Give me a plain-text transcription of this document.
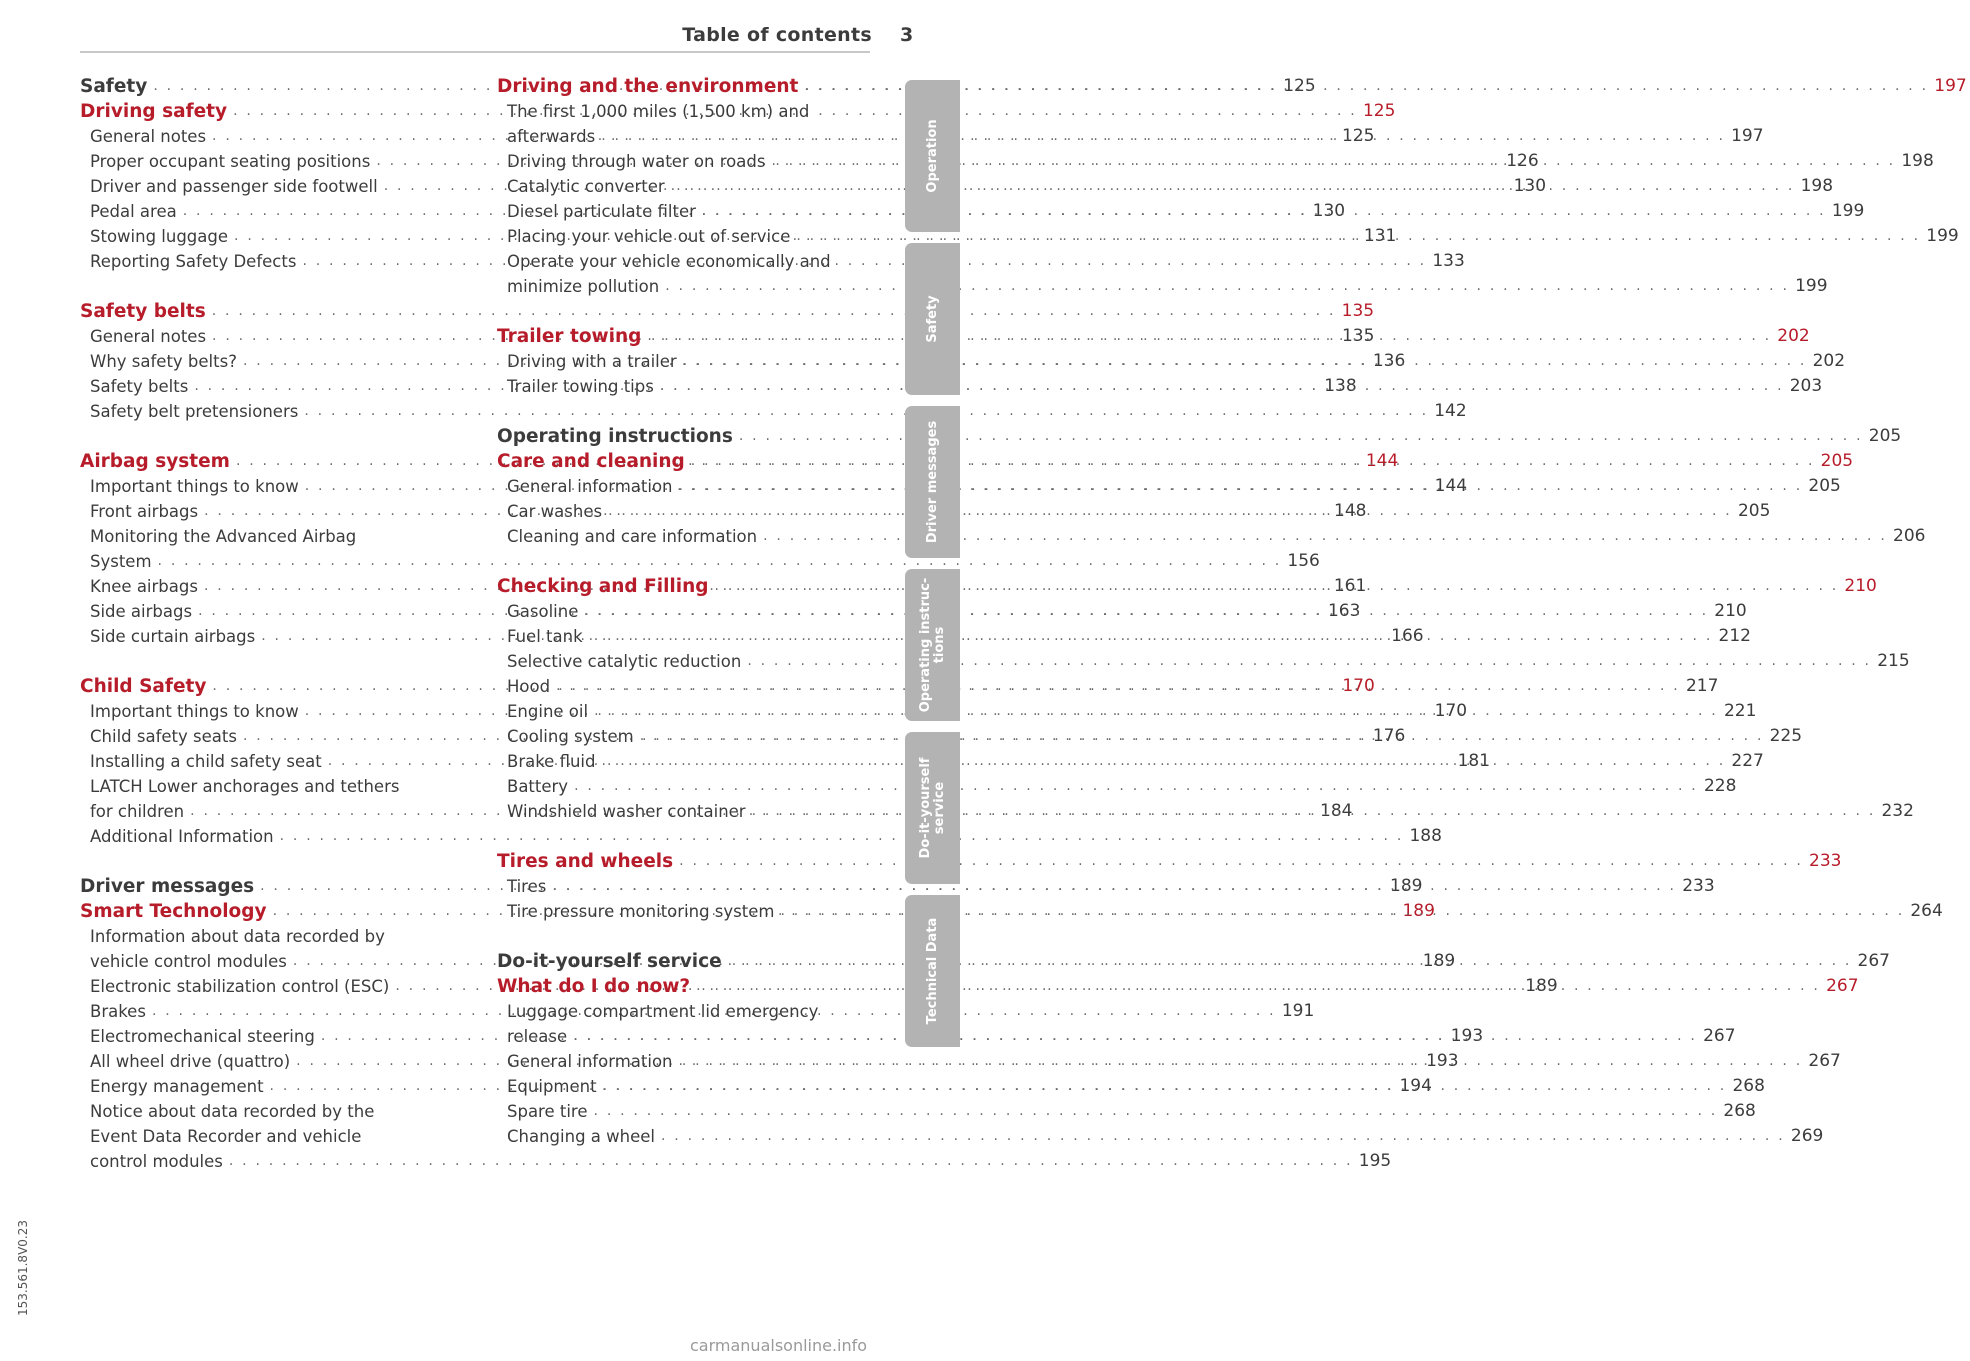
Table of contents 3
Safety . . .	125
Driving safety . . .	125
General notes . . .	125
Proper occupant seating positions . . .	126
Driver and passenger side footwell . . .	130
Pedal area . . .	130
Stowing luggage . . .	131
Reporting Safety Defects . . .	133
Safety belts . . .	135
General notes . . .	135
Why safety belts? . . .	136
Safety belts . . .	138
Safety belt pretensioners . . .	142
Airbag system . . .	144
Important things to know . . .	144
Front airbags . . .	148
Monitoring the Advanced Airbag
System . . .	156
Knee airbags . . .	161
Side airbags . . .	163
Side curtain airbags . . .	166
Child Safety . . .	170
Important things to know . . .	170
Child safety seats . . .	176
Installing a child safety seat . . .	181
LATCH Lower anchorages and tethers
for children . . .	184
Additional Information . . .	188
Driver messages . . .	189
Smart Technology . . .	189
Information about data recorded by
vehicle control modules . . .	189
Electronic stabilization control (ESC) . . .	189
Brakes . . .	191
Electromechanical steering . . .	193
All wheel drive (quattro) . . .	193
Energy management . . .	194
Notice about data recorded by the
Event Data Recorder and vehicle
control modules . . .	195
Driving and the environment . . .	197
The first 1,000 miles (1,500 km) and
afterwards . . .	197
Driving through water on roads . . .	198
Catalytic converter . . .	198
Diesel particulate filter . . .	199
Placing your vehicle out of service . . .	199
Operate your vehicle economically and
minimize pollution . . .	199
Trailer towing . . .	202
Driving with a trailer . . .	202
Trailer towing tips . . .	203
Operating instructions . . .	205
Care and cleaning . . .	205
General information . . .	205
Car washes . . .	205
Cleaning and care information . . .	206
Checking and Filling . . .	210
Gasoline . . .	210
Fuel tank . . .	212
Selective catalytic reduction . . .	215
Hood . . .	217
Engine oil . . .	221
Cooling system . . .	225
Brake fluid . . .	227
Battery . . .	228
Windshield washer container . . .	232
Tires and wheels . . .	233
Tires . . .	233
Tire pressure monitoring system . . .	264
Do-it-yourself service . . .	267
What do I do now? . . .	267
Luggage compartment lid emergency
release . . .	267
General information . . .	267
Equipment . . .	268
Spare tire . . .	268
Changing a wheel . . .	269
Operation
Safety
Driver messages
Operating instruc-
tions
Do-it-yourself
service
Technical Data
153.561.8V0.23
carmanualsonline.info
